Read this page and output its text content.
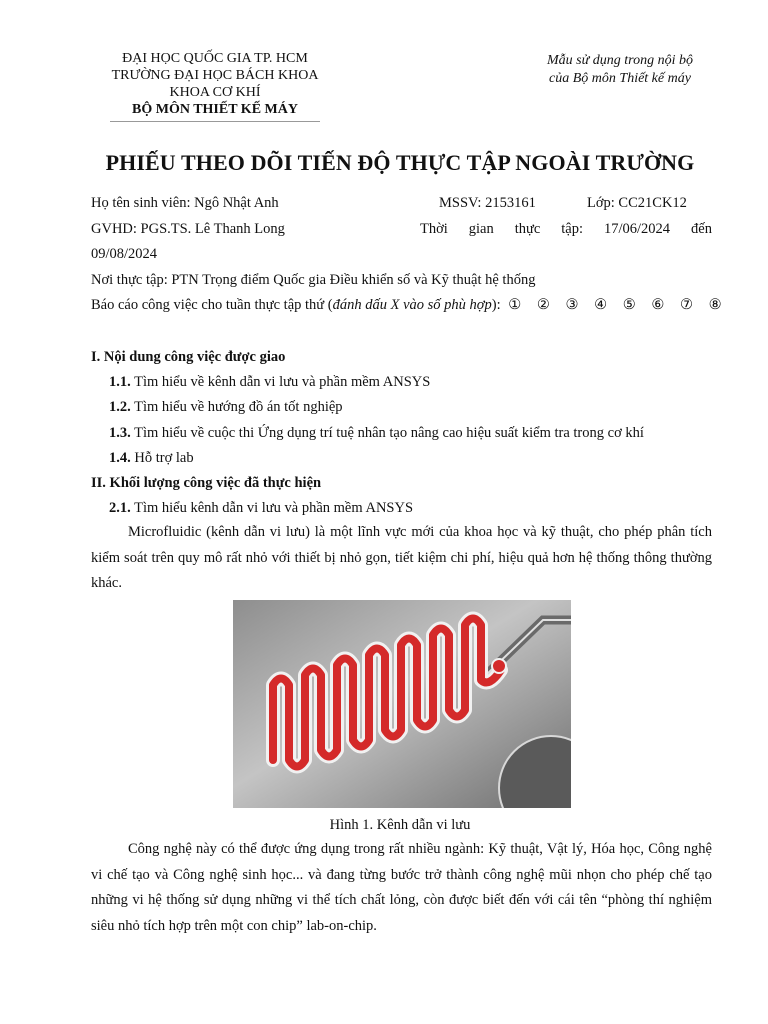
ĐẠI HỌC QUỐC GIA TP. HCM
TRƯỜNG ĐẠI HỌC BÁCH KHOA
KHOA CƠ KHÍ
BỘ MÔN THIẾT KẾ MÁY
Mẫu sử dụng trong nội bộ
của Bộ môn Thiết kế máy
PHIẾU THEO DÕI TIẾN ĐỘ THỰC TẬP NGOÀI TRƯỜNG
Họ tên sinh viên: Ngô Nhật Anh	MSSV: 2153161	Lớp: CC21CK12
GVHD: PGS.TS. Lê Thanh Long	Thời gian thực tập: 17/06/2024 đến
09/08/2024
Nơi thực tập: PTN Trọng điểm Quốc gia Điều khiển số và Kỹ thuật hệ thống
Báo cáo công việc cho tuần thực tập thứ (đánh dấu X vào số phù hợp): ① ② ③ ④ ⑤ ⑥ ⑦ ⑧
I. Nội dung công việc được giao
1.1. Tìm hiểu về kênh dẫn vi lưu và phần mềm ANSYS
1.2. Tìm hiểu về hướng đồ án tốt nghiệp
1.3. Tìm hiểu về cuộc thi Ứng dụng trí tuệ nhân tạo nâng cao hiệu suất kiểm tra trong cơ khí
1.4. Hỗ trợ lab
II. Khối lượng công việc đã thực hiện
2.1. Tìm hiểu kênh dẫn vi lưu và phần mềm ANSYS
Microfluidic (kênh dẫn vi lưu) là một lĩnh vực mới của khoa học và kỹ thuật, cho phép phân tích kiểm soát trên quy mô rất nhỏ với thiết bị nhỏ gọn, tiết kiệm chi phí, hiệu quả hơn hệ thống thông thường khác.
Hình 1. Kênh dẫn vi lưu
Công nghệ này có thể được ứng dụng trong rất nhiều ngành: Kỹ thuật, Vật lý, Hóa học, Công nghệ vi chế tạo và Công nghệ sinh học... và đang từng bước trở thành công nghệ mũi nhọn cho phép chế tạo những vi hệ thống sử dụng những vi thể tích chất lỏng, còn được biết đến với cái tên “phòng thí nghiệm siêu nhỏ tích hợp trên một con chip” lab-on-chip.
